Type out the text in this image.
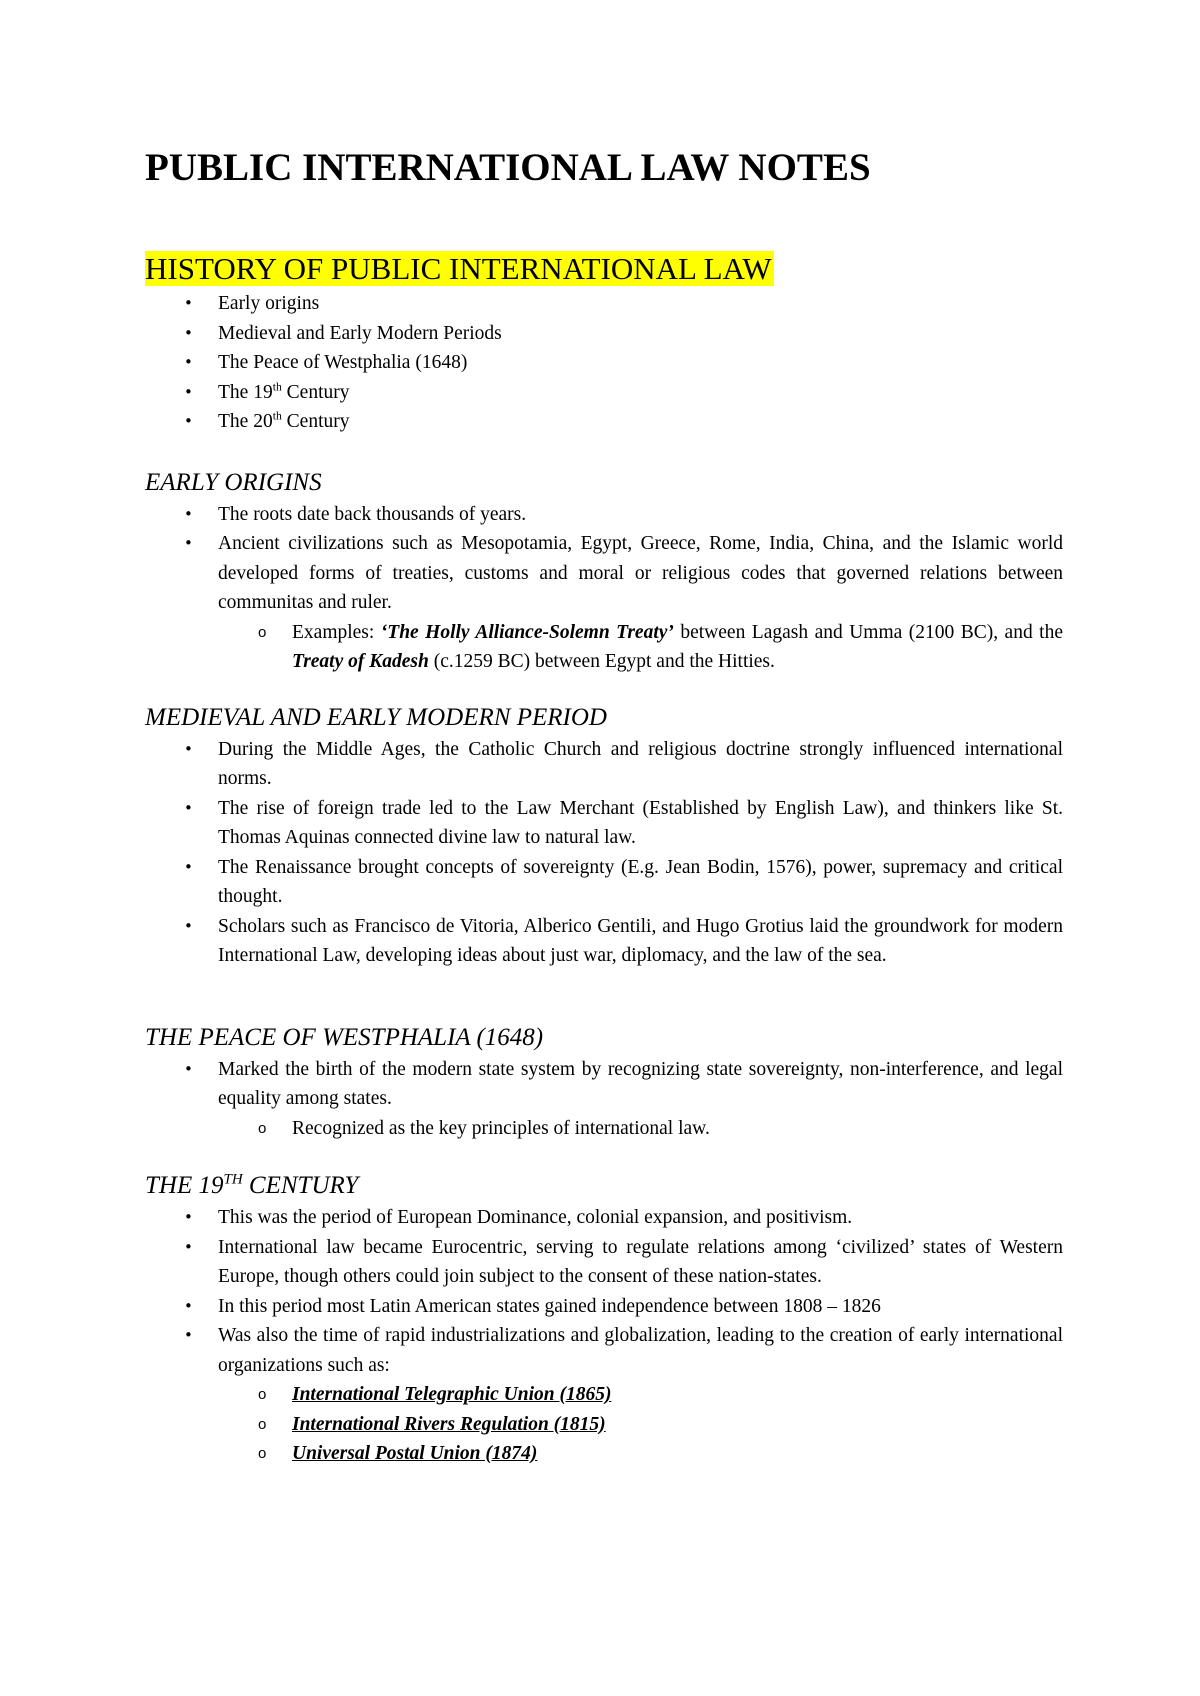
PUBLIC INTERNATIONAL LAW NOTES
HISTORY OF PUBLIC INTERNATIONAL LAW
• Early origins
• Medieval and Early Modern Periods
• The Peace of Westphalia (1648)
• The 19th Century
• The 20th Century
EARLY ORIGINS
• The roots date back thousands of years.
• Ancient civilizations such as Mesopotamia, Egypt, Greece, Rome, India, China, and the Islamic world developed forms of treaties, customs and moral or religious codes that governed relations between communitas and ruler.
o Examples: ‘The Holly Alliance-Solemn Treaty’ between Lagash and Umma (2100 BC), and the Treaty of Kadesh (c.1259 BC) between Egypt and the Hitties.
MEDIEVAL AND EARLY MODERN PERIOD
• During the Middle Ages, the Catholic Church and religious doctrine strongly influenced international norms.
• The rise of foreign trade led to the Law Merchant (Established by English Law), and thinkers like St. Thomas Aquinas connected divine law to natural law.
• The Renaissance brought concepts of sovereignty (E.g. Jean Bodin, 1576), power, supremacy and critical thought.
• Scholars such as Francisco de Vitoria, Alberico Gentili, and Hugo Grotius laid the groundwork for modern International Law, developing ideas about just war, diplomacy, and the law of the sea.
THE PEACE OF WESTPHALIA (1648)
• Marked the birth of the modern state system by recognizing state sovereignty, non-interference, and legal equality among states.
o Recognized as the key principles of international law.
THE 19TH CENTURY
• This was the period of European Dominance, colonial expansion, and positivism.
• International law became Eurocentric, serving to regulate relations among ‘civilized’ states of Western Europe, though others could join subject to the consent of these nation-states.
• In this period most Latin American states gained independence between 1808 – 1826
• Was also the time of rapid industrializations and globalization, leading to the creation of early international organizations such as:
o International Telegraphic Union (1865)
o International Rivers Regulation (1815)
o Universal Postal Union (1874)
